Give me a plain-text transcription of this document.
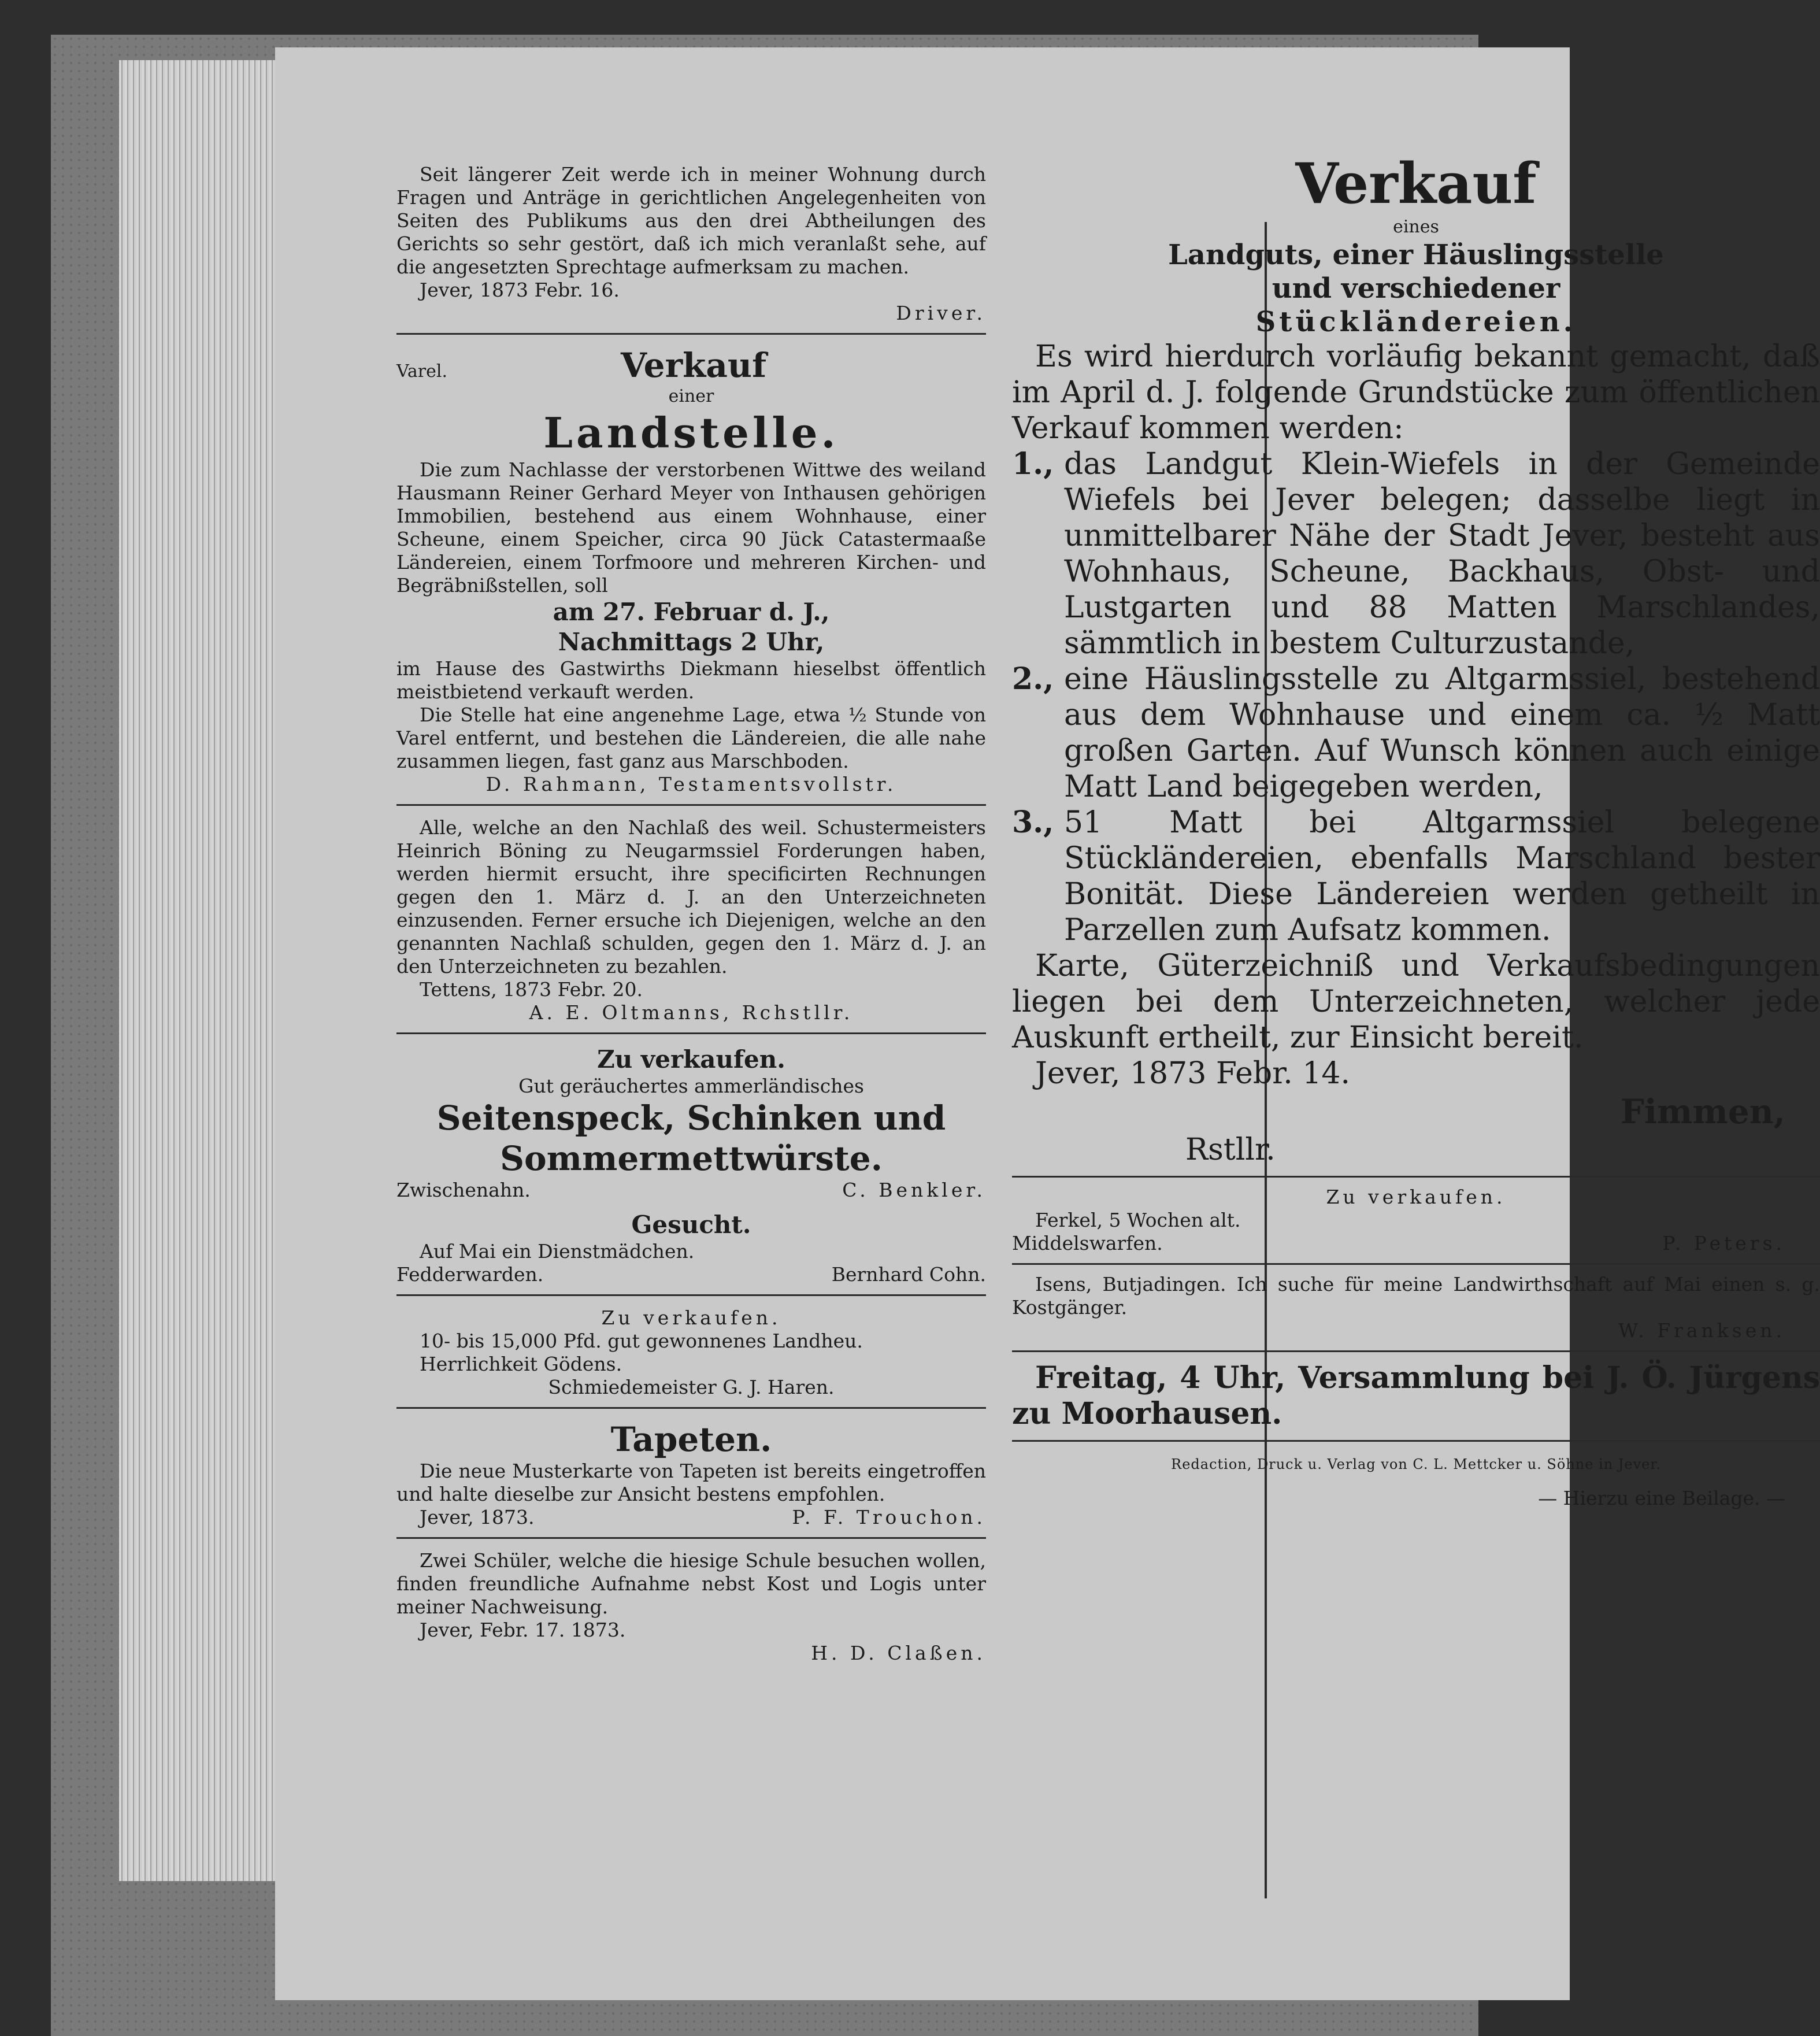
Seit längerer Zeit werde ich in meiner Wohnung durch Fragen und Anträge in gerichtlichen Angelegenheiten von Seiten des Publikums aus den drei Abtheilungen des Gerichts so sehr gestört, daß ich mich veranlaßt sehe, auf die angesetzten Sprechtage aufmerksam zu machen.

Jever, 1873 Febr. 16.

Driver.

Varel.	Verkauf

einer

Landstelle.

Die zum Nachlasse der verstorbenen Wittwe des weiland Hausmann Reiner Gerhard Meyer von Inthausen gehörigen Immobilien, bestehend aus einem Wohnhause, einer Scheune, einem Speicher, circa 90 Jück Catastermaaße Ländereien, einem Torfmoore und mehreren Kirchen- und Begräbnißstellen, soll

am 27. Februar d. J.,

Nachmittags 2 Uhr,

im Hause des Gastwirths Diekmann hieselbst öffentlich meistbietend verkauft werden.

Die Stelle hat eine angenehme Lage, etwa ½ Stunde von Varel entfernt, und bestehen die Ländereien, die alle nahe zusammen liegen, fast ganz aus Marschboden.

D. Rahmann, Testamentsvollstr.

Alle, welche an den Nachlaß des weil. Schustermeisters Heinrich Böning zu Neugarmssiel Forderungen haben, werden hiermit ersucht, ihre specificirten Rechnungen gegen den 1. März d. J. an den Unterzeichneten einzusenden. Ferner ersuche ich Diejenigen, welche an den genannten Nachlaß schulden, gegen den 1. März d. J. an den Unterzeichneten zu bezahlen.

Tettens, 1873 Febr. 20.

A. E. Oltmanns, Rchstllr.

Zu verkaufen.

Gut geräuchertes ammerländisches

Seitenspeck, Schinken und

Sommermettwürste.

Zwischenahn.	C. Benkler.

Gesucht.

Auf Mai ein Dienstmädchen.

Fedderwarden.	Bernhard Cohn.

Zu verkaufen.

10- bis 15,000 Pfd. gut gewonnenes Landheu.

Herrlichkeit Gödens.

Schmiedemeister G. J. Haren.

Tapeten.

Die neue Musterkarte von Tapeten ist bereits eingetroffen und halte dieselbe zur Ansicht bestens empfohlen.

Jever, 1873.	P. F. Trouchon.

Zwei Schüler, welche die hiesige Schule besuchen wollen, finden freundliche Aufnahme nebst Kost und Logis unter meiner Nachweisung.

Jever, Febr. 17. 1873.

H. D. Claßen.

Verkauf

eines

Landguts, einer Häuslingsstelle

und verschiedener

Stückländereien.

Es wird hierdurch vorläufig bekannt gemacht, daß im April d. J. folgende Grundstücke zum öffentlichen Verkauf kommen werden:

1., das Landgut Klein-Wiefels in der Gemeinde Wiefels bei Jever belegen; dasselbe liegt in unmittelbarer Nähe der Stadt Jever, besteht aus Wohnhaus, Scheune, Backhaus, Obst- und Lustgarten und 88 Matten Marschlandes, sämmtlich in bestem Culturzustande,
2., eine Häuslingsstelle zu Altgarmssiel, bestehend aus dem Wohnhause und einem ca. ½ Matt großen Garten. Auf Wunsch können auch einige Matt Land beigegeben werden,
3., 51 Matt bei Altgarmssiel belegene Stückländereien, ebenfalls Marschland bester Bonität. Diese Ländereien werden getheilt in Parzellen zum Aufsatz kommen.

Karte, Güterzeichniß und Verkaufsbedingungen liegen bei dem Unterzeichneten, welcher jede Auskunft ertheilt, zur Einsicht bereit.

Jever, 1873 Febr. 14.

Fimmen,

Rstllr.

Zu verkaufen.

Ferkel, 5 Wochen alt.

Middelswarfen.	P. Peters.

Isens, Butjadingen. Ich suche für meine Landwirthschaft auf Mai einen s. g. Kostgänger.

W. Franksen.

Freitag, 4 Uhr, Versammlung bei J. Ö. Jürgens zu Moorhausen.

Redaction, Druck u. Verlag von C. L. Mettcker u. Söhne in Jever.

— Hierzu eine Beilage. —
